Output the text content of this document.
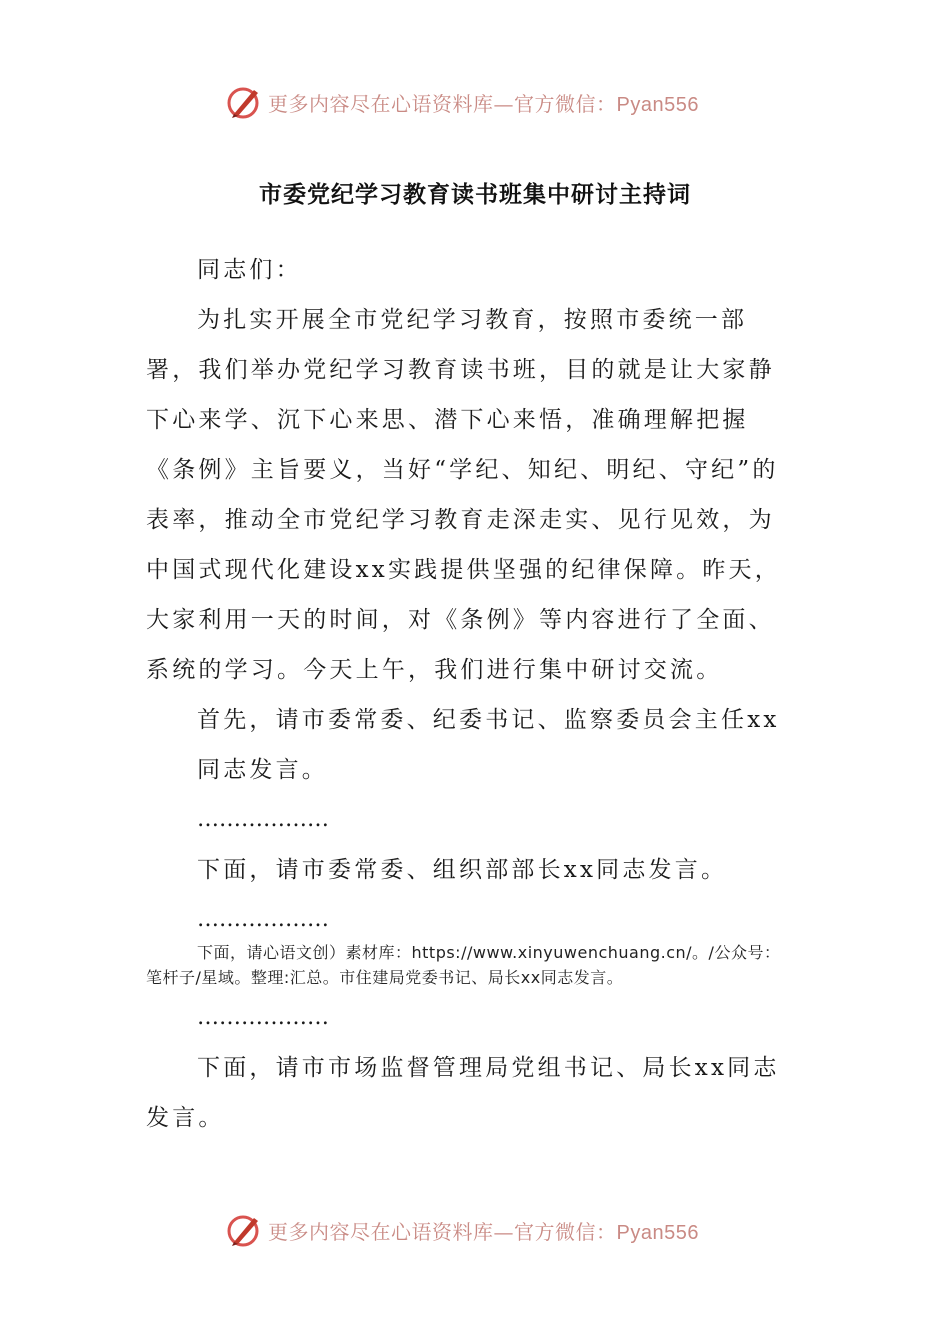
更多内容尽在心语资料库—官方微信：Pyan556
市委党纪学习教育读书班集中研讨主持词

同志们：

为扎实开展全市党纪学习教育，按照市委统一部署，我们举办党纪学习教育读书班，目的就是让大家静下心来学、沉下心来思、潜下心来悟，准确理解把握《条例》主旨要义，当好“学纪、知纪、明纪、守纪”的表率，推动全市党纪学习教育走深走实、见行见效，为中国式现代化建设xx实践提供坚强的纪律保障。昨天，大家利用一天的时间，对《条例》等内容进行了全面、系统的学习。今天上午，我们进行集中研讨交流。

首先，请市委常委、纪委书记、监察委员会主任xx

同志发言。

………………

下面，请市委常委、组织部部长xx同志发言。

………………

下面，请心语文创）素材库：https://www.xinyuwenchuang.cn/。/公众号：
笔杆子/星域。整理:汇总。市住建局党委书记、局长xx同志发言。

………………

下面，请市市场监督管理局党组书记、局长xx同志发言。

更多内容尽在心语资料库—官方微信：Pyan556
